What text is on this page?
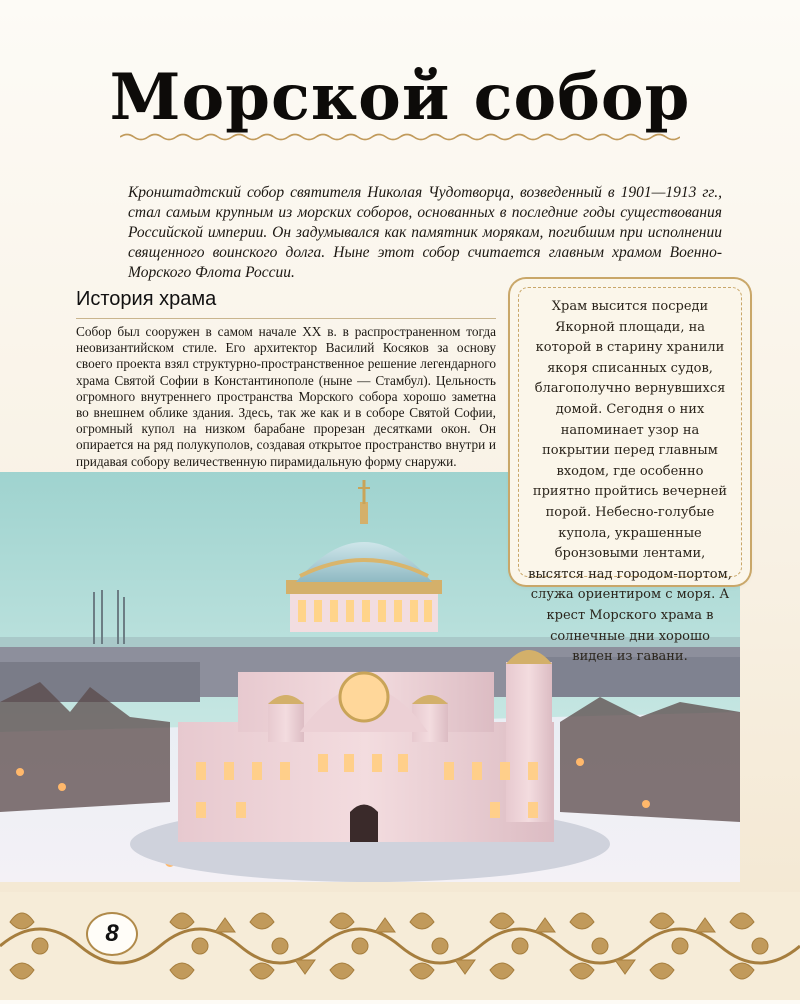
Морской собор
Кронштадтский собор святителя Николая Чудотворца, возведенный в 1901—1913 гг., стал самым крупным из морских соборов, основанных в последние годы существования Российской империи. Он задумывался как памятник морякам, погибшим при исполнении священного воинского долга. Ныне этот собор считается главным храмом Военно-Морского Флота России.
История храма
Собор был сооружен в самом начале XX в. в распространенном тогда неовизантийском стиле. Его архитектор Василий Косяков за основу своего проекта взял структурно-пространственное решение легендарного храма Святой Софии в Константинополе (ныне — Стамбул). Цельность огромного внутреннего пространства Морского собора хорошо заметна во внешнем облике здания. Здесь, так же как и в соборе Святой Софии, огромный купол на низком барабане прорезан десятками окон. Он опирается на ряд полукуполов, создавая открытое пространство внутри и придавая собору величественную пирамидальную форму снаружи.
Храм высится посреди Якорной площади, на которой в старину хранили якоря списанных судов, благополучно вернувшихся домой. Сегодня о них напоминает узор на покрытии перед главным входом, где особенно приятно пройтись вечерней порой. Небесно-голубые купола, украшенные бронзовыми лентами, высятся над городом-портом, служа ориентиром с моря. А крест Морского храма в солнечные дни хорошо виден из гавани.
8
